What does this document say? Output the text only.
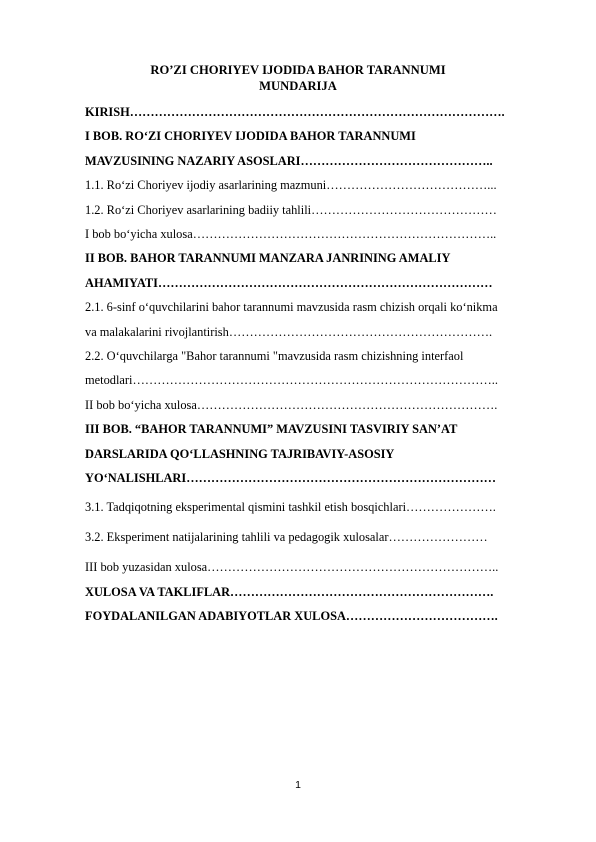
RO’ZI CHORIYEV IJODIDA BAHOR TARANNUMI
MUNDARIJA
KIRISH……………………………………………………………………………….
I BOB. RO‘ZI CHORIYEV IJODIDA BAHOR TARANNUMI
MAVZUSINING NAZARIY ASOSLARI………………………………………..
1.1. Ro‘zi Choriyev ijodiy asarlarining mazmuni…………………………………...
1.2. Ro‘zi Choriyev asarlarining badiiy tahlili………………………………………
I bob bo‘yicha xulosa………………………………………………………………..
II BOB. BAHOR TARANNUMI MANZARA JANRINING AMALIY
AHAMIYATI………………………………………………………………………
2.1. 6-sinf o‘quvchilarini bahor tarannumi mavzusida rasm chizish orqali ko‘nikma
va malakalarini rivojlantirish……………………………………………………….
2.2. O‘quvchilarga "Bahor tarannumi "mavzusida rasm chizishning interfaol
metodlari……………………………………………………………………………..
II bob bo‘yicha xulosa……………………………………………………………….
III BOB. “BAHOR TARANNUMI” MAVZUSINI TASVIRIY SAN’AT
DARSLARIDA QO‘LLASHNING TAJRIBAVIY-ASOSIY
YO‘NALISHLARI…………………………………………………………………
3.1. Tadqiqotning eksperimental qismini tashkil etish bosqichlari………………….
3.2. Eksperiment natijalarining tahlili va pedagogik xulosalar……………………
III bob yuzasidan xulosa……………………………………………………………..
XULOSA VA TAKLIFLAR……………………………………………………….
FOYDALANILGAN ADABIYOTLAR XULOSA……………………………….
1
